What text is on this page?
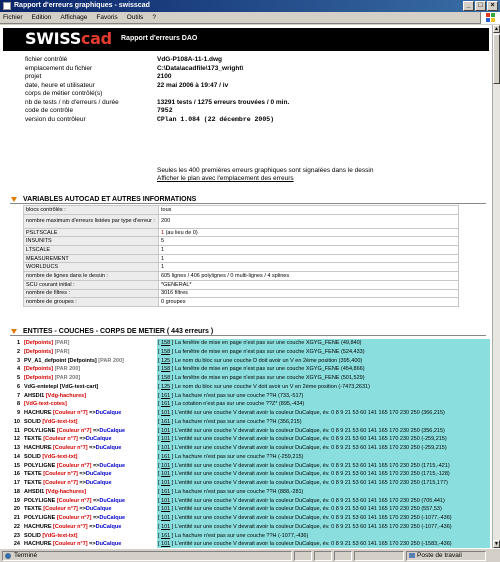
Rapport d'erreurs graphiques - swisscad	_	□	×
Fichier Edition Affichage Favoris Outils ?
SWISScad Rapport d'erreurs DAO
fichier contrôlé	VdG-P108A-11-1.dwg
emplacement du fichier	C:\Data\acadfile\173_wright\
projet	2100
date, heure et utilisateur	22 mai 2006 à 19:47 / iv
corps de métier contrôlé(s)
nb de tests / nb d'erreurs / durée	13291 tests / 1275 erreurs trouvées / 0 min.
code de contrôle	7952
version du contrôleur	CPlan 1.084 (22 décembre 2005)
Seules les 400 premières erreurs graphiques sont signalées dans le dessin
Afficher le plan avec l'emplacement des erreurs
VARIABLES AUTOCAD ET AUTRES INFORMATIONS
blocs contrôlés :	tous
nombre maximum d'erreurs listées par type d'erreur :	200
PSLTSCALE	1 (au lieu de 0)
INSUNITS	5
LTSCALE	1
MEASUREMENT	1
WORLDUCS	1
nombre de lignes dans le dessin :	605 lignes / 406 polylignes / 0 multi-lignes / 4 splines
SCU courant initial :	*GENERAL*
nombre de filtres :	3016 filtres
nombre de groupes :	0 groupes
ENTITES - COUCHES - CORPS DE METIER ( 443 erreurs )
1 [Defpoints] [PAR]	[ 158 ] La fenêtre de mise en page n'est pas sur une couche XGYG_FENE (49,840)
2 [Defpoints] [PAR]	[ 158 ] La fenêtre de mise en page n'est pas sur une couche XGYG_FENE (524,433)
3 PV_A1_defpoint [Defpoints] [PAR 200]	[ 125 ] Le nom du bloc sur une couche D doit avoir un V en 2ème position (395,400)
4 [Defpoints] [PAR 200]	[ 158 ] La fenêtre de mise en page n'est pas sur une couche XGYG_FENE (454,866)
5 [Defpoints] [PAR 200]	[ 158 ] La fenêtre de mise en page n'est pas sur une couche XGYG_FENE (501,529)
6 VdG-entetepl [VdG-text-cart]	[ 125 ] Le nom du bloc sur une couche V doit avoir un V en 2ème position (-7473,2631)
7 AHSDI1 [Vdg-hachures]	[ 161 ] La hachure n'est pas sur une couche ??H (733,-517)
8 [VdG-text-cotes]	[ 161 ] La cotation n'est pas sur une couche ??Z* (895,-434)
9 HACHURE [Couleur n°7] =>DuCalque	[ 101 ] L'entité sur une couche V devrait avoir la couleur DuCalque, év. 0 8 9 21 53 60 141 165 170 230 250 (366,215)
10 SOLID [VdG-text-txt]	[ 161 ] La hachure n'est pas sur une couche ??H (356,215)
11 POLYLIGNE [Couleur n°7] =>DuCalque	[ 101 ] L'entité sur une couche V devrait avoir la couleur DuCalque, év. 0 8 9 21 53 60 141 165 170 230 250 (356,215)
12 TEXTE [Couleur n°7] =>DuCalque	[ 101 ] L'entité sur une couche V devrait avoir la couleur DuCalque, év. 0 8 9 21 53 60 141 165 170 230 250 (-259,215)
13 HACHURE [Couleur n°7] =>DuCalque	[ 101 ] L'entité sur une couche V devrait avoir la couleur DuCalque, év. 0 8 9 21 53 60 141 165 170 230 250 (-259,215)
14 SOLID [VdG-text-txt]	[ 161 ] La hachure n'est pas sur une couche ??H (-259,215)
15 POLYLIGNE [Couleur n°7] =>DuCalque	[ 101 ] L'entité sur une couche V devrait avoir la couleur DuCalque, év. 0 8 9 21 53 60 141 165 170 230 250 (1715,-421)
16 TEXTE [Couleur n°7] =>DuCalque	[ 101 ] L'entité sur une couche V devrait avoir la couleur DuCalque, év. 0 8 9 21 53 60 141 165 170 230 250 (1715,-128)
17 TEXTE [Couleur n°7] =>DuCalque	[ 101 ] L'entité sur une couche V devrait avoir la couleur DuCalque, év. 0 8 9 21 53 60 141 165 170 230 250 (1715,177)
18 AHSDI1 [Vdg-hachures]	[ 161 ] La hachure n'est pas sur une couche ??H (888,-281)
19 POLYLIGNE [Couleur n°7] =>DuCalque	[ 101 ] L'entité sur une couche V devrait avoir la couleur DuCalque, év. 0 8 9 21 53 60 141 165 170 230 250 (705,441)
20 TEXTE [Couleur n°7] =>DuCalque	[ 101 ] L'entité sur une couche V devrait avoir la couleur DuCalque, év. 0 8 9 21 53 60 141 165 170 230 250 (557,53)
21 POLYLIGNE [Couleur n°7] =>DuCalque	[ 101 ] L'entité sur une couche V devrait avoir la couleur DuCalque, év. 0 8 9 21 53 60 141 165 170 230 250 (-1077,-436)
22 HACHURE [Couleur n°7] =>DuCalque	[ 101 ] L'entité sur une couche V devrait avoir la couleur DuCalque, év. 0 8 9 21 53 60 141 165 170 230 250 (-1077,-436)
23 SOLID [VdG-text-txt]	[ 161 ] La hachure n'est pas sur une couche ??H (-1077,-436)
24 HACHURE [Couleur n°7] =>DuCalque	[ 101 ] L'entité sur une couche V devrait avoir la couleur DuCalque, év. 0 8 9 21 53 60 141 165 170 230 250 (-1583,-436)
▲
▼
Terminé	Poste de travail
